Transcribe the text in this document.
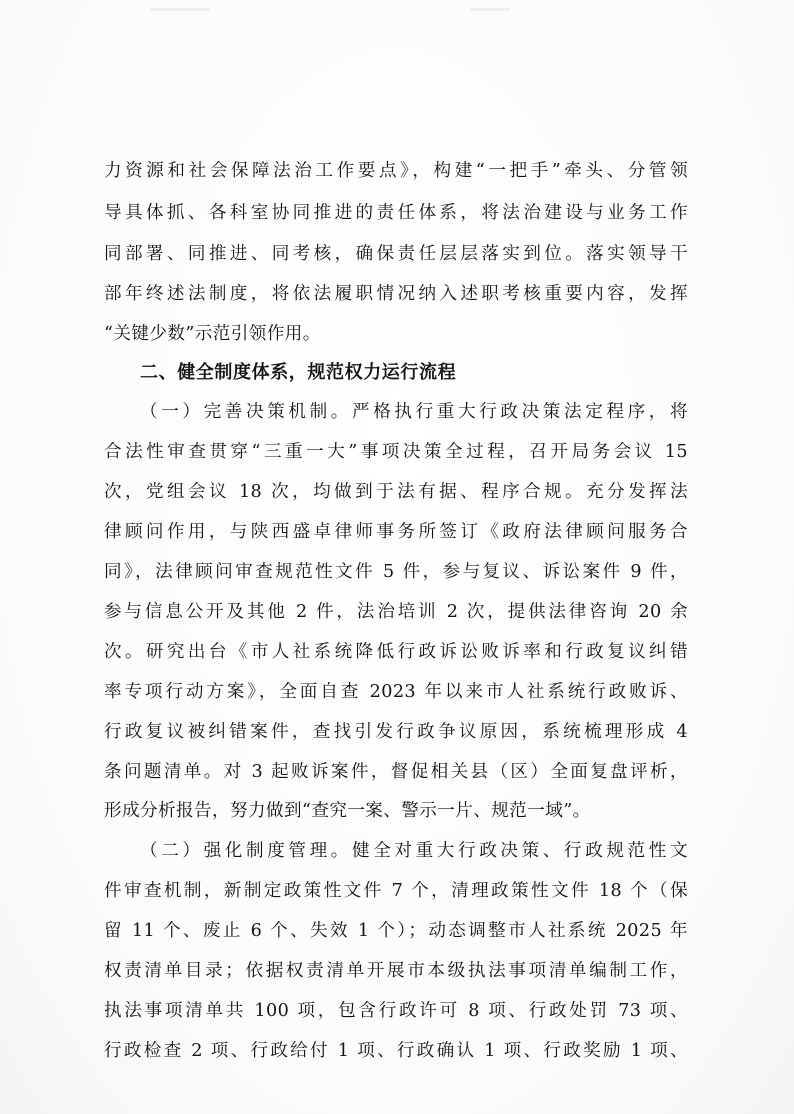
力资源和社会保障法治工作要点》，构建“一把手”牵头、分管领
导具体抓、各科室协同推进的责任体系，将法治建设与业务工作
同部署、同推进、同考核，确保责任层层落实到位。落实领导干
部年终述法制度，将依法履职情况纳入述职考核重要内容，发挥
“关键少数”示范引领作用。
二、健全制度体系，规范权力运行流程
（一）完善决策机制。严格执行重大行政决策法定程序，将
合法性审查贯穿“三重一大”事项决策全过程，召开局务会议 15
次，党组会议 18 次，均做到于法有据、程序合规。充分发挥法
律顾问作用，与陕西盛卓律师事务所签订《政府法律顾问服务合
同》，法律顾问审查规范性文件 5 件，参与复议、诉讼案件 9 件，
参与信息公开及其他 2 件，法治培训 2 次，提供法律咨询 20 余
次。研究出台《市人社系统降低行政诉讼败诉率和行政复议纠错
率专项行动方案》，全面自查 2023 年以来市人社系统行政败诉、
行政复议被纠错案件，查找引发行政争议原因，系统梳理形成 4
条问题清单。对 3 起败诉案件，督促相关县（区）全面复盘评析，
形成分析报告，努力做到“查究一案、警示一片、规范一域”。
（二）强化制度管理。健全对重大行政决策、行政规范性文
件审查机制，新制定政策性文件 7 个，清理政策性文件 18 个（保
留 11 个、废止 6 个、失效 1 个）；动态调整市人社系统 2025 年
权责清单目录；依据权责清单开展市本级执法事项清单编制工作，
执法事项清单共 100 项，包含行政许可 8 项、行政处罚 73 项、
行政检查 2 项、行政给付 1 项、行政确认 1 项、行政奖励 1 项、
